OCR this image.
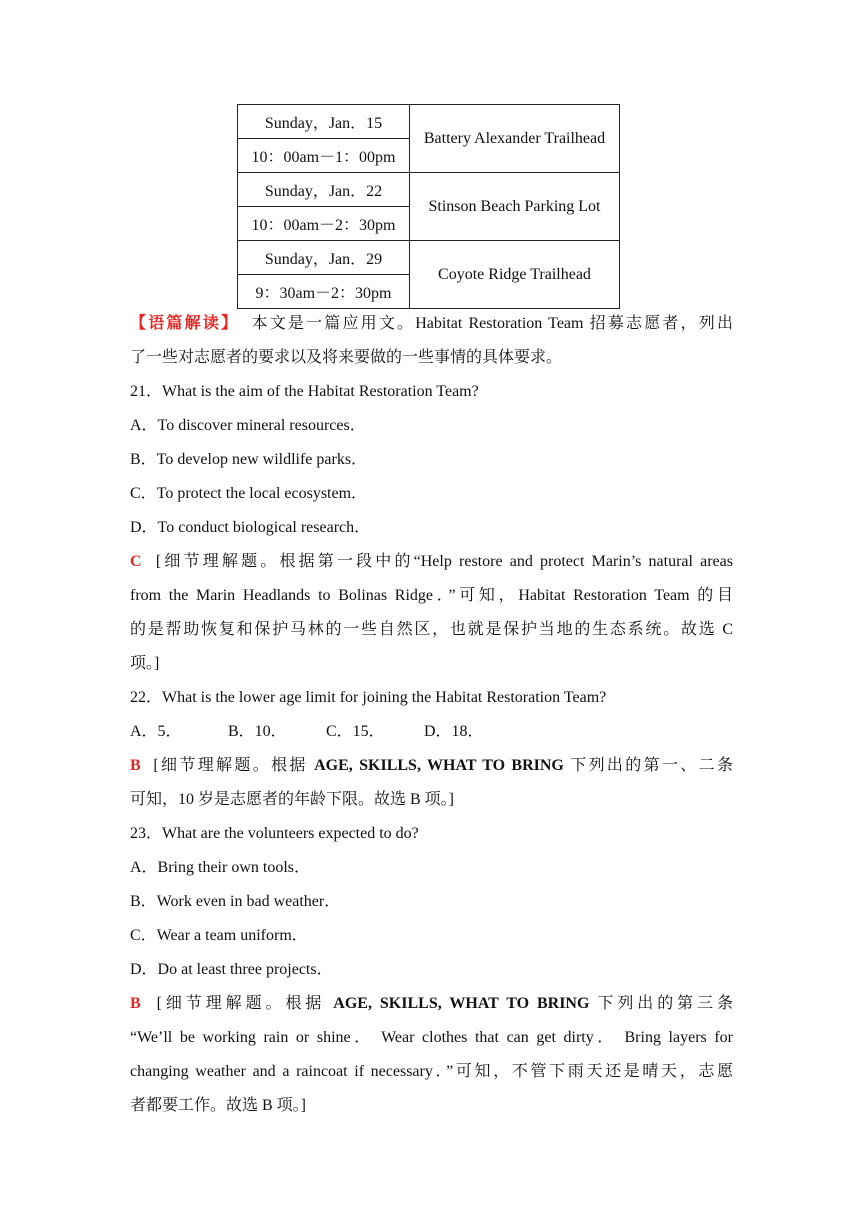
Sunday，Jan．15	Battery Alexander Trailhead
10：00am－1：00pm	
Sunday，Jan．22	Stinson Beach Parking Lot
10：00am－2：30pm	
Sunday，Jan．29	Coyote Ridge Trailhead
9：30am－2：30pm	
【语篇解读】 本文是一篇应用文。Habitat Restoration Team 招募志愿者，列出
了一些对志愿者的要求以及将来要做的一些事情的具体要求。
21．What is the aim of the Habitat Restoration Team?
A．To discover mineral resources．
B．To develop new wildlife parks．
C．To protect the local ecosystem．
D．To conduct biological research．
C [细节理解题。根据第一段中的“Help restore and protect Marin’s natural areas
from the Marin Headlands to Bolinas Ridge．”可知，Habitat Restoration Team 的目
的是帮助恢复和保护马林的一些自然区，也就是保护当地的生态系统。故选 C
项。]
22．What is the lower age limit for joining the Habitat Restoration Team?
A．5．	B．10． C．15． D．18．
B [细节理解题。根据 AGE, SKILLS, WHAT TO BRING 下列出的第一、二条
可知，10 岁是志愿者的年龄下限。故选 B 项。]
23．What are the volunteers expected to do?
A．Bring their own tools．
B．Work even in bad weather．
C．Wear a team uniform．
D．Do at least three projects．
B [细节理解题。根据 AGE, SKILLS, WHAT TO BRING 下列出的第三条
“We’ll be working rain or shine． Wear clothes that can get dirty． Bring layers for
changing weather and a raincoat if necessary．”可知，不管下雨天还是晴天，志愿
者都要工作。故选 B 项。]
